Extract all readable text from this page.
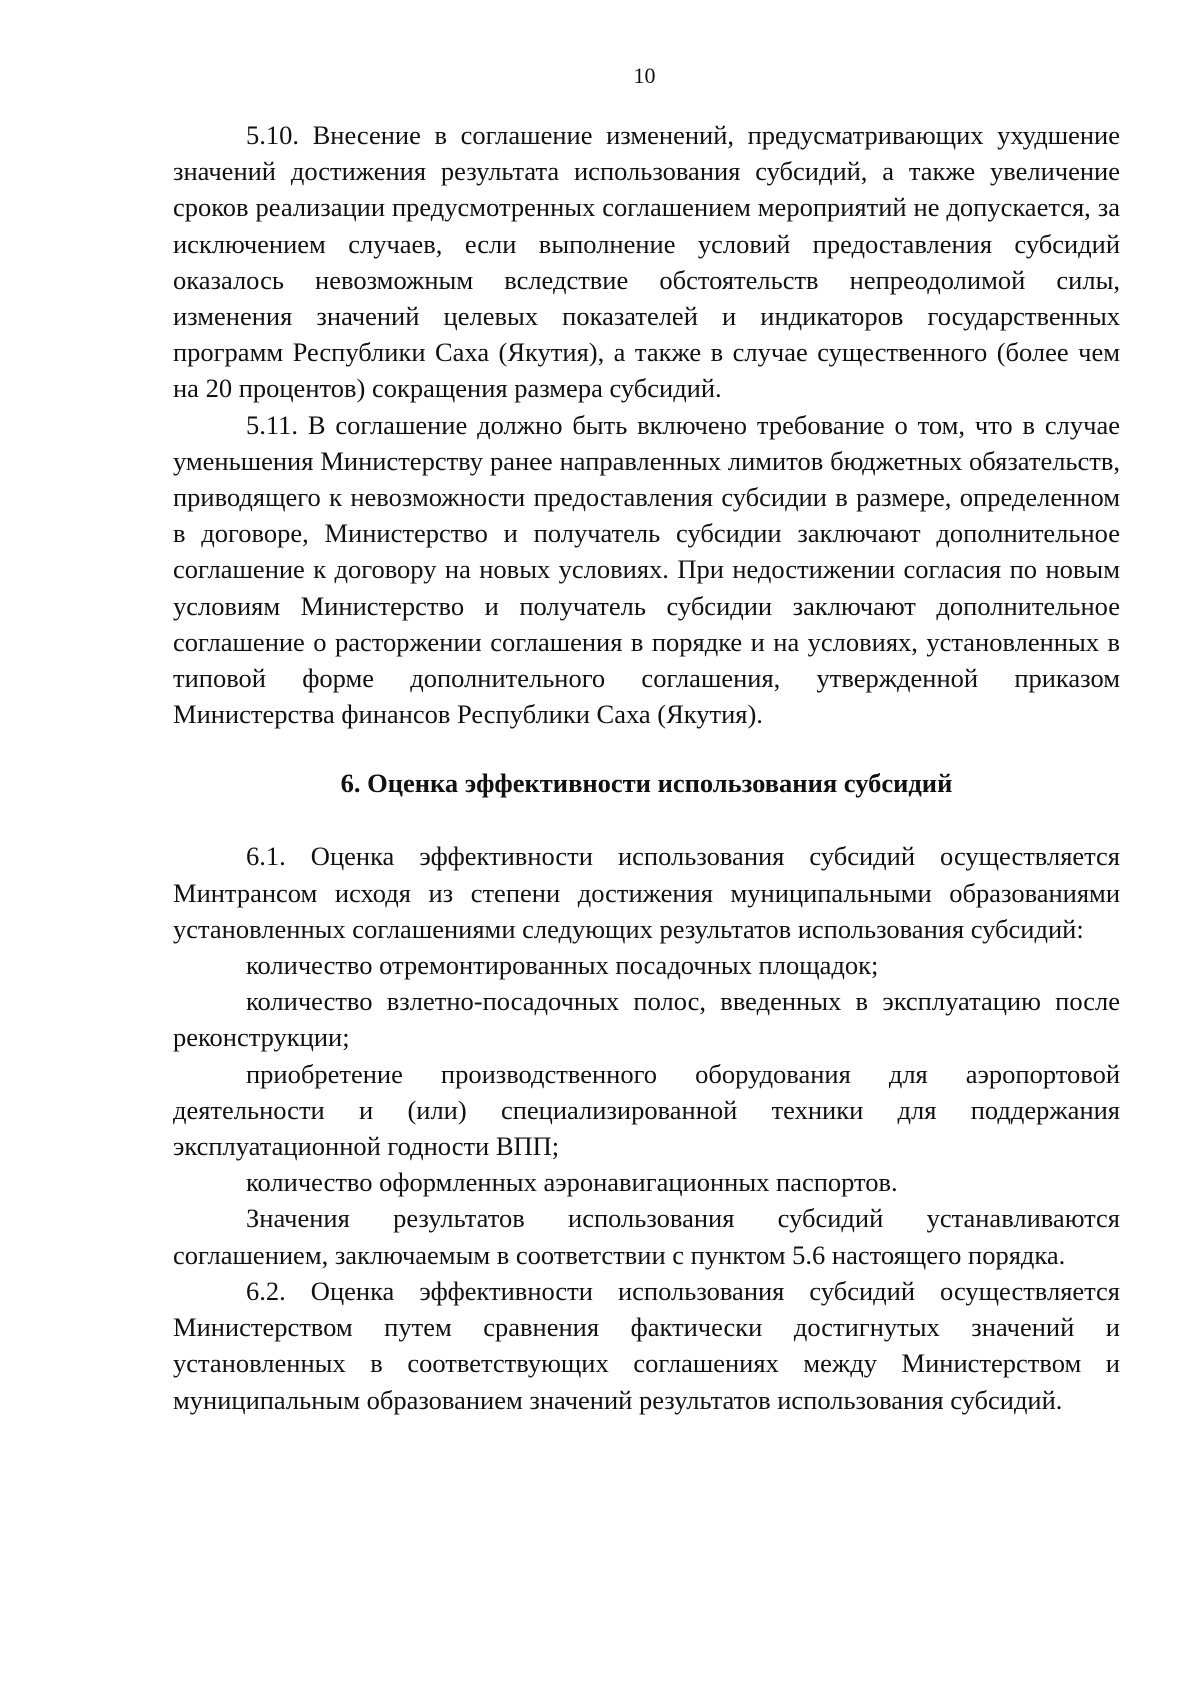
10

5.10. Внесение в соглашение изменений, предусматривающих ухудшение значений достижения результата использования субсидий, а также увеличение сроков реализации предусмотренных соглашением мероприятий не допускается, за исключением случаев, если выполнение условий предоставления субсидий оказалось невозможным вследствие обстоятельств непреодолимой силы, изменения значений целевых показателей и индикаторов государственных программ Республики Саха (Якутия), а также в случае существенного (более чем на 20 процентов) сокращения размера субсидий.

5.11. В соглашение должно быть включено требование о том, что в случае уменьшения Министерству ранее направленных лимитов бюджетных обязательств, приводящего к невозможности предоставления субсидии в размере, определенном в договоре, Министерство и получатель субсидии заключают дополнительное соглашение к договору на новых условиях. При недостижении согласия по новым условиям Министерство и получатель субсидии заключают дополнительное соглашение о расторжении соглашения в порядке и на условиях, установленных в типовой форме дополнительного соглашения, утвержденной приказом Министерства финансов Республики Саха (Якутия).

6. Оценка эффективности использования субсидий

6.1. Оценка эффективности использования субсидий осуществляется Минтрансом исходя из степени достижения муниципальными образованиями установленных соглашениями следующих результатов использования субсидий:

количество отремонтированных посадочных площадок;

количество взлетно-посадочных полос, введенных в эксплуатацию после реконструкции;

приобретение производственного оборудования для аэропортовой деятельности и (или) специализированной техники для поддержания эксплуатационной годности ВПП;

количество оформленных аэронавигационных паспортов.

Значения результатов использования субсидий устанавливаются соглашением, заключаемым в соответствии с пунктом 5.6 настоящего порядка.

6.2. Оценка эффективности использования субсидий осуществляется Министерством путем сравнения фактически достигнутых значений и установленных в соответствующих соглашениях между Министерством и муниципальным образованием значений результатов использования субсидий.
